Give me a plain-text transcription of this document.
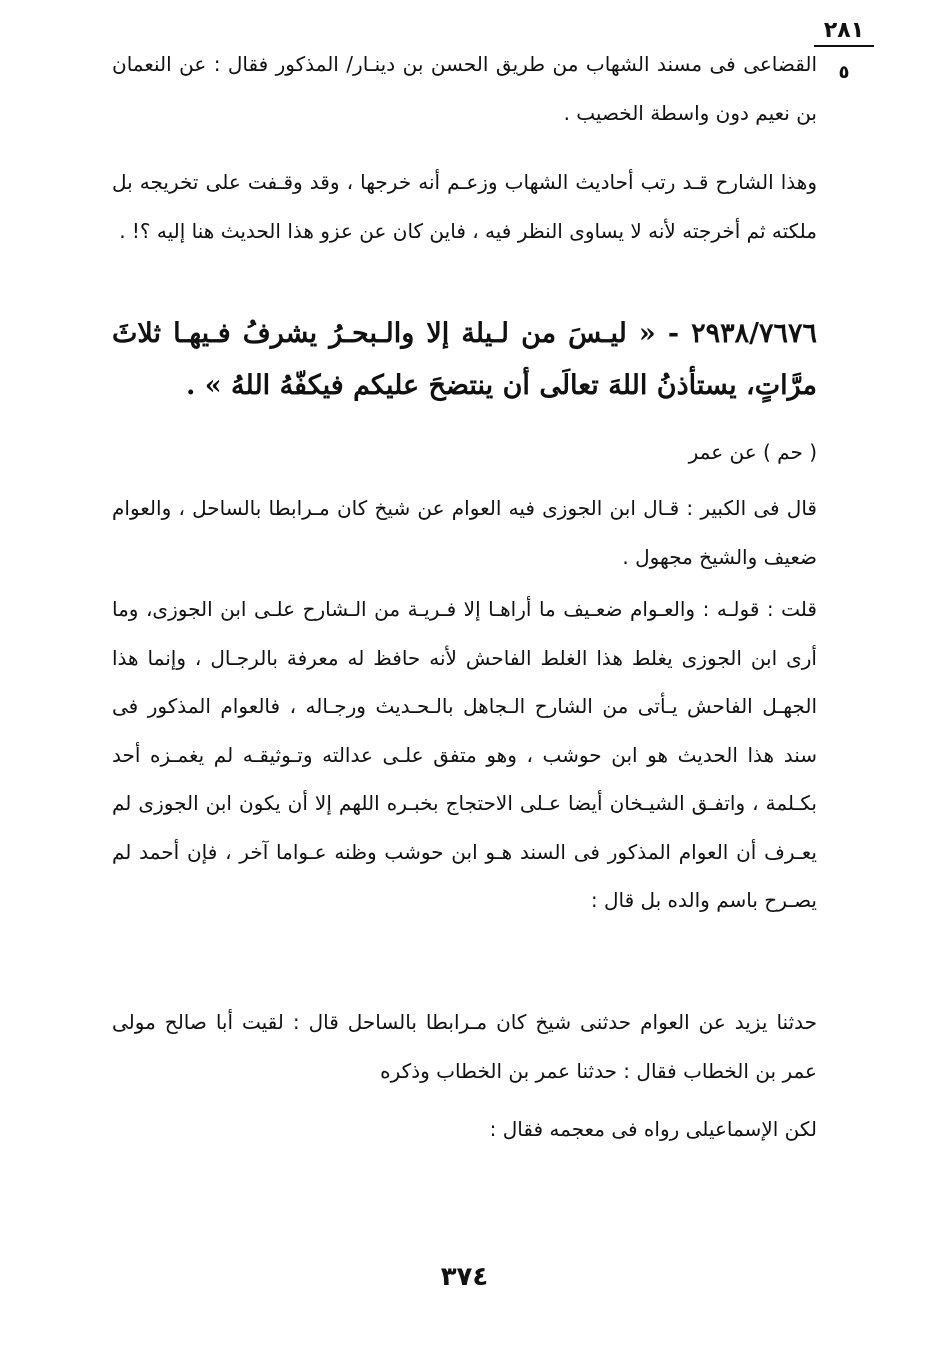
٢٨١
٥

القضاعى فى مسند الشهاب من طريق الحسن بن دينـار/ المذكور فقال : عن النعمان بن نعيم دون واسطة الخصيب .

وهذا الشارح قـد رتب أحاديث الشهاب وزعـم أنه خرجها ، وقد وقـفت على تخريجه بل ملكته ثم أخرجته لأنه لا يساوى النظر فيه ، فاين كان عن عزو هذا الحديث هنا إليه ؟! .

٢٩٣٨/٧٦٧٦ - « ليـسَ من لـيلة إلا والـبحـرُ يشرفُ فـيهـا ثلاثَ مرَّاتٍ، يستأذنُ اللهَ تعالَى أن ينتضحَ عليكم فيكفّهُ اللهُ » .

( حم ) عن عمر

قال فى الكبير : قـال ابن الجوزى فيه العوام عن شيخ كان مـرابطا بالساحل ، والعوام ضعيف والشيخ مجهول .

قلت : قولـه : والعـوام ضعـيف ما أراهـا إلا فـريـة من الـشارح علـى ابن الجوزى، وما أرى ابن الجوزى يغلط هذا الغلط الفاحش لأنه حافظ له معرفة بالرجـال ، وإنما هذا الجهـل الفاحش يـأتى من الشارح الـجاهل بالـحـديث ورجـاله ، فالعوام المذكور فى سند هذا الحديث هو ابن حوشب ، وهو متفق علـى عدالته وتـوثيقـه لم يغمـزه أحد بكـلمة ، واتفـق الشيـخان أيضا عـلى الاحتجاج بخبـره اللهم إلا أن يكون ابن الجوزى لم يعـرف أن العوام المذكور فى السند هـو ابن حوشب وظنه عـواما آخر ، فإن أحمد لم يصـرح باسم والده بل قال :

حدثنا يزيد عن العوام حدثنى شيخ كان مـرابطا بالساحل قال : لقيت أبا صالح مولى عمر بن الخطاب فقال : حدثنا عمر بن الخطاب وذكره

لكن الإسماعيلى رواه فى معجمه فقال :

٣٧٤
